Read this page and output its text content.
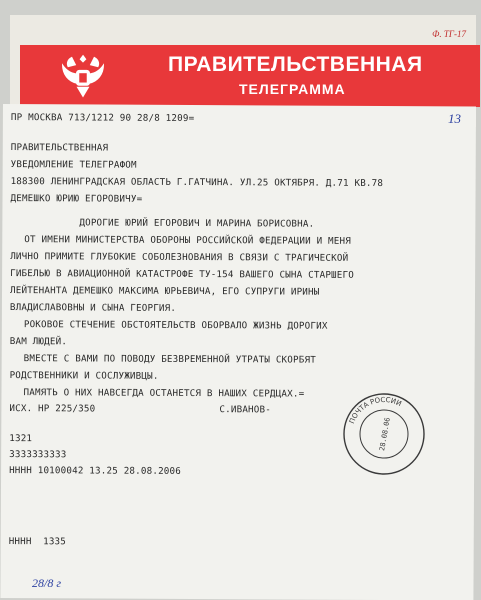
Ф. ТГ-17
ПРАВИТЕЛЬСТВЕННАЯ
ТЕЛЕГРАММА
ПР МОСКВА 713/1212 90 28/8 1209=
ПРАВИТЕЛЬСТВЕННАЯ
УВЕДОМЛЕНИЕ ТЕЛЕГРАФОМ
188300 ЛЕНИНГРАДСКАЯ ОБЛАСТЬ Г.ГАТЧИНА. УЛ.25 ОКТЯБРЯ. Д.71 КВ.78
ДЕМЕШКО ЮРИЮ ЕГОРОВИЧУ=
ДОРОГИЕ ЮРИЙ ЕГОРОВИЧ И МАРИНА БОРИСОВНА.
ОТ ИМЕНИ МИНИСТЕРСТВА ОБОРОНЫ РОССИЙСКОЙ ФЕДЕРАЦИИ И МЕНЯ
ЛИЧНО ПРИМИТЕ ГЛУБОКИЕ СОБОЛЕЗНОВАНИЯ В СВЯЗИ С ТРАГИЧЕСКОЙ
ГИБЕЛЬЮ В АВИАЦИОННОЙ КАТАСТРОФЕ ТУ-154 ВАШЕГО СЫНА СТАРШЕГО
ЛЕЙТЕНАНТА ДЕМЕШКО МАКСИМА ЮРЬЕВИЧА, ЕГО СУПРУГИ ИРИНЫ
ВЛАДИСЛАВОВНЫ И СЫНА ГЕОРГИЯ.
РОКОВОЕ СТЕЧЕНИЕ ОБСТОЯТЕЛЬСТВ ОБОРВАЛО ЖИЗНЬ ДОРОГИХ
ВАМ ЛЮДЕЙ.
ВМЕСТЕ С ВАМИ ПО ПОВОДУ БЕЗВРЕМЕННОЙ УТРАТЫ СКОРБЯТ
РОДСТВЕННИКИ И СОСЛУЖИВЦЫ.
ПАМЯТЬ О НИХ НАВСЕГДА ОСТАНЕТСЯ В НАШИХ СЕРДЦАХ.=
ИСХ. НР 225/350	С.ИВАНОВ-
1321
3333333333
НННН 10100042 13.25 28.08.2006
НННН  1335
13
ПОЧТА РОССИИ
28.08.06
28/8 г
